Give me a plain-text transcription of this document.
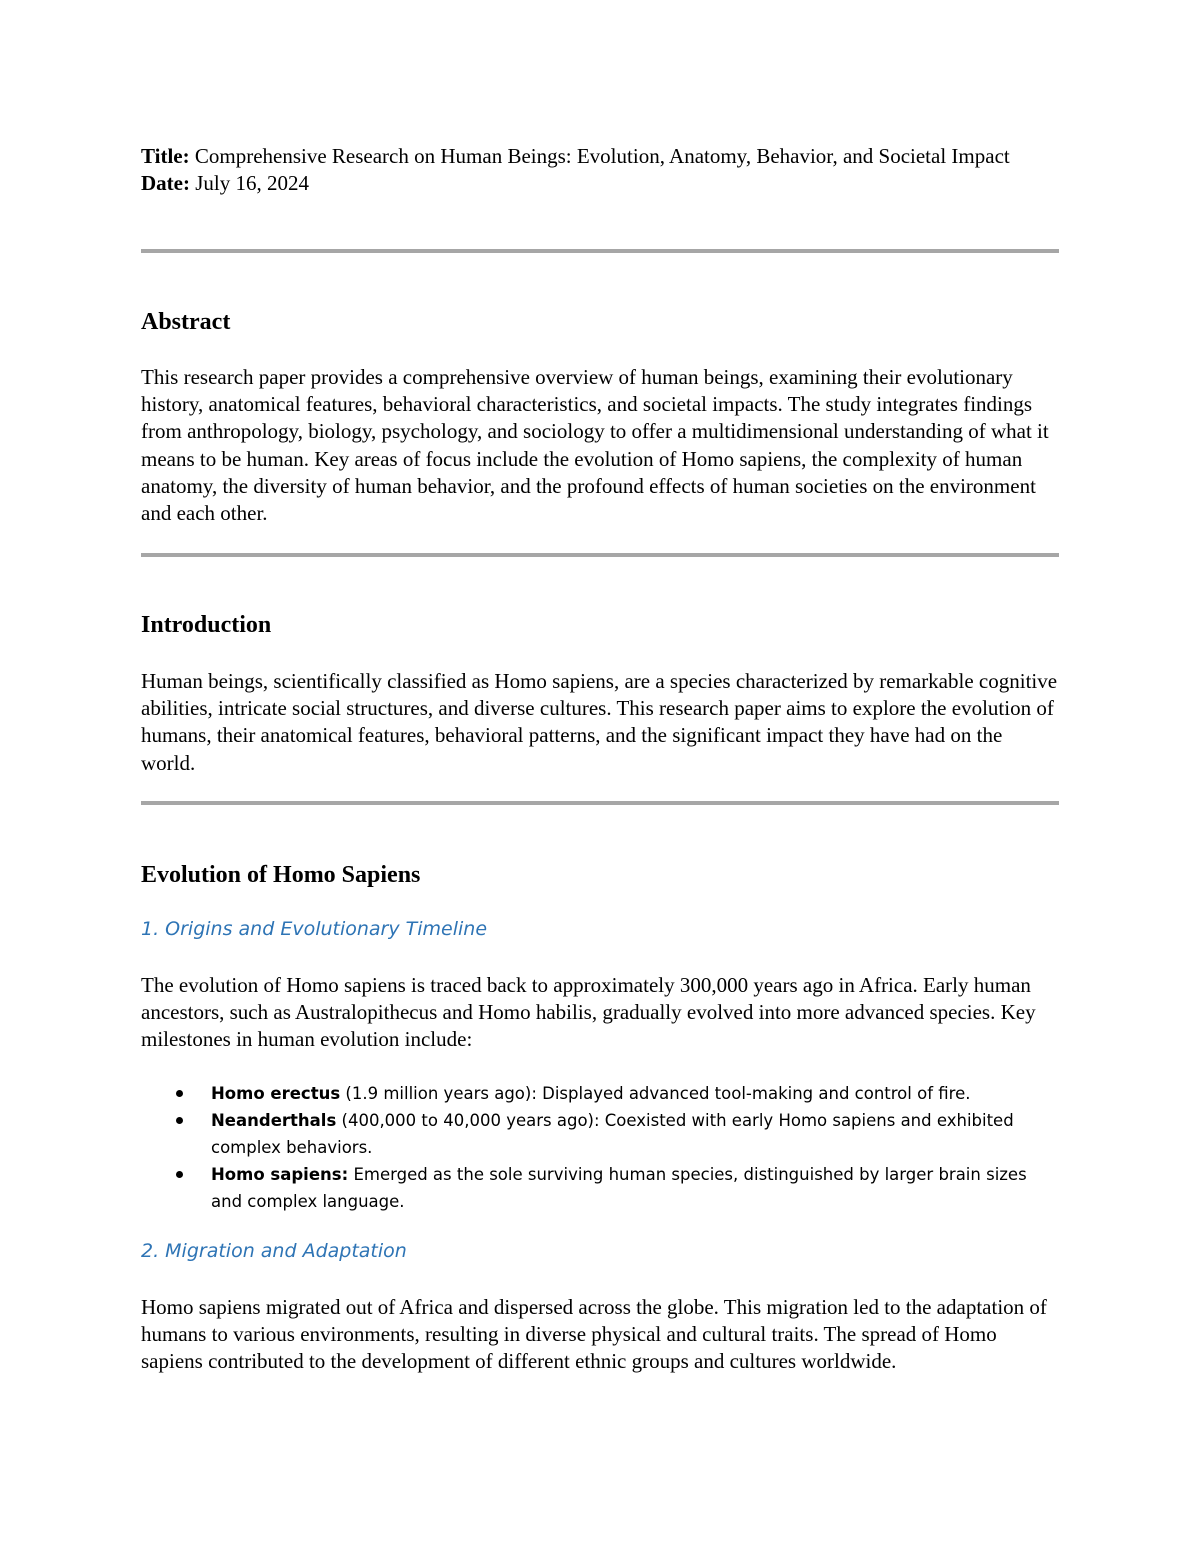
Title: Comprehensive Research on Human Beings: Evolution, Anatomy, Behavior, and Societal Impact
Date: July 16, 2024
Abstract

This research paper provides a comprehensive overview of human beings, examining their evolutionary history, anatomical features, behavioral characteristics, and societal impacts. The study integrates findings from anthropology, biology, psychology, and sociology to offer a multidimensional understanding of what it means to be human. Key areas of focus include the evolution of Homo sapiens, the complexity of human anatomy, the diversity of human behavior, and the profound effects of human societies on the environment and each other.

Introduction

Human beings, scientifically classified as Homo sapiens, are a species characterized by remarkable cognitive abilities, intricate social structures, and diverse cultures. This research paper aims to explore the evolution of humans, their anatomical features, behavioral patterns, and the significant impact they have had on the world.

Evolution of Homo Sapiens
1. Origins and Evolutionary Timeline

The evolution of Homo sapiens is traced back to approximately 300,000 years ago in Africa. Early human ancestors, such as Australopithecus and Homo habilis, gradually evolved into more advanced species. Key milestones in human evolution include:

Homo erectus (1.9 million years ago): Displayed advanced tool-making and control of fire.
Neanderthals (400,000 to 40,000 years ago): Coexisted with early Homo sapiens and exhibited complex behaviors.
Homo sapiens: Emerged as the sole surviving human species, distinguished by larger brain sizes and complex language.
2. Migration and Adaptation

Homo sapiens migrated out of Africa and dispersed across the globe. This migration led to the adaptation of humans to various environments, resulting in diverse physical and cultural traits. The spread of Homo sapiens contributed to the development of different ethnic groups and cultures worldwide.
